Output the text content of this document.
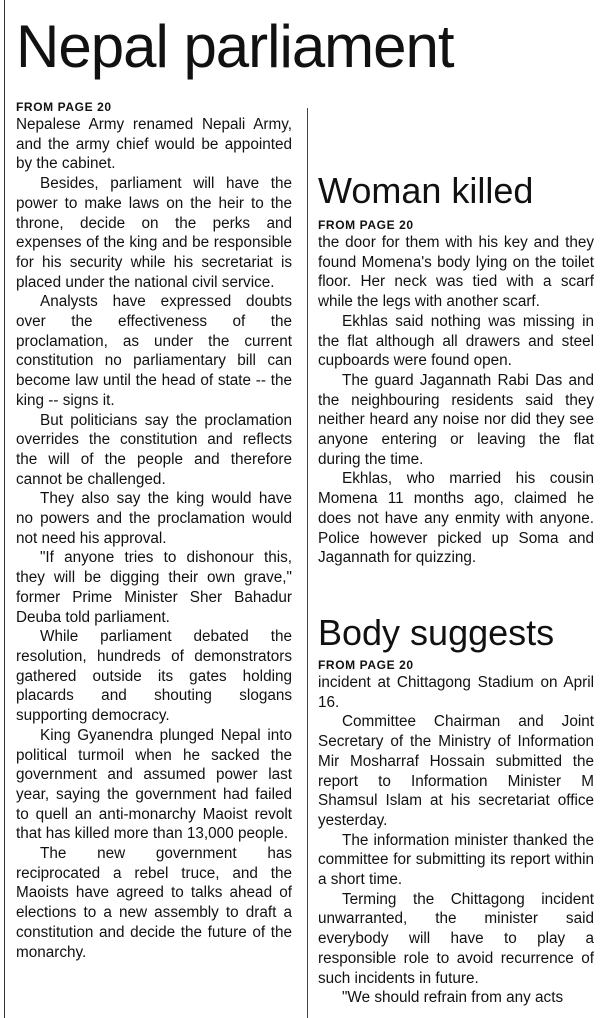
Nepal parliament

FROM PAGE 20

Nepalese Army renamed Nepali Army, and the army chief would be appointed by the cabinet.

Besides, parliament will have the power to make laws on the heir to the throne, decide on the perks and expenses of the king and be responsible for his security while his secretariat is placed under the national civil service.

Analysts have expressed doubts over the effectiveness of the proclamation, as under the current constitution no parliamentary bill can become law until the head of state -- the king -- signs it.

But politicians say the proclamation overrides the constitution and reflects the will of the people and therefore cannot be challenged.

They also say the king would have no powers and the proclamation would not need his approval.

"If anyone tries to dishonour this, they will be digging their own grave," former Prime Minister Sher Bahadur Deuba told parliament.

While parliament debated the resolution, hundreds of demonstrators gathered outside its gates holding placards and shouting slogans supporting democracy.

King Gyanendra plunged Nepal into political turmoil when he sacked the government and assumed power last year, saying the government had failed to quell an anti-monarchy Maoist revolt that has killed more than 13,000 people.

The new government has reciprocated a rebel truce, and the Maoists have agreed to talks ahead of elections to a new assembly to draft a constitution and decide the future of the monarchy.

Woman killed

FROM PAGE 20

the door for them with his key and they found Momena's body lying on the toilet floor. Her neck was tied with a scarf while the legs with another scarf.

Ekhlas said nothing was missing in the flat although all drawers and steel cupboards were found open.

The guard Jagannath Rabi Das and the neighbouring residents said they neither heard any noise nor did they see anyone entering or leaving the flat during the time.

Ekhlas, who married his cousin Momena 11 months ago, claimed he does not have any enmity with anyone. Police however picked up Soma and Jagannath for quizzing.

Body suggests

FROM PAGE 20

incident at Chittagong Stadium on April 16.

Committee Chairman and Joint Secretary of the Ministry of Information Mir Mosharraf Hossain submitted the report to Information Minister M Shamsul Islam at his secretariat office yesterday.

The information minister thanked the committee for submitting its report within a short time.

Terming the Chittagong incident unwarranted, the minister said everybody will have to play a responsible role to avoid recurrence of such incidents in future.

"We should refrain from any acts
